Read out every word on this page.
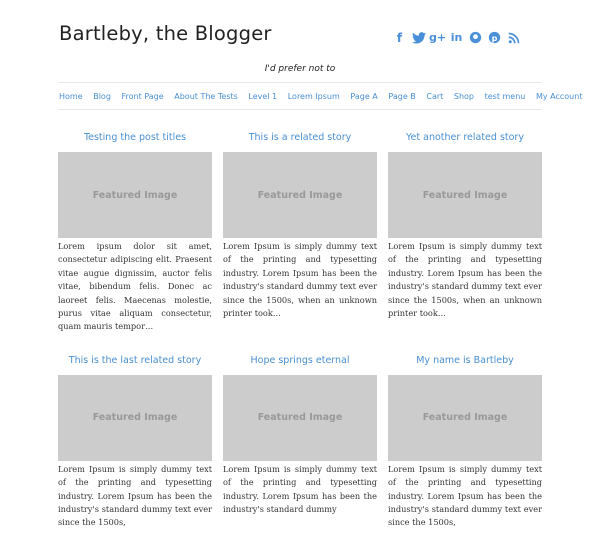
Bartleby, the Blogger	f	g+ in	p
I'd prefer not to
Home Blog Front Page About The Tests Level 1 Lorem Ipsum Page A Page B Cart Shop test menu My Account
Testing the post titles
Featured Image
Lorem ipsum dolor sit amet, consectetur adipiscing elit. Praesent vitae augue dignissim, auctor felis vitae, bibendum felis. Donec ac laoreet felis. Maecenas molestie, purus vitae aliquam consectetur, quam mauris tempor…
This is a related story
Featured Image
Lorem Ipsum is simply dummy text of the printing and typesetting industry. Lorem Ipsum has been the industry's standard dummy text ever since the 1500s, when an unknown printer took…
Yet another related story
Featured Image
Lorem Ipsum is simply dummy text of the printing and typesetting industry. Lorem Ipsum has been the industry's standard dummy text ever since the 1500s, when an unknown printer took…
This is the last related story
Featured Image
Lorem Ipsum is simply dummy text of the printing and typesetting industry. Lorem Ipsum has been the industry's standard dummy text ever since the 1500s,
Hope springs eternal
Featured Image
Lorem Ipsum is simply dummy text of the printing and typesetting industry. Lorem Ipsum has been the industry's standard dummy
My name is Bartleby
Featured Image
Lorem Ipsum is simply dummy text of the printing and typesetting industry. Lorem Ipsum has been the industry's standard dummy text ever since the 1500s,
